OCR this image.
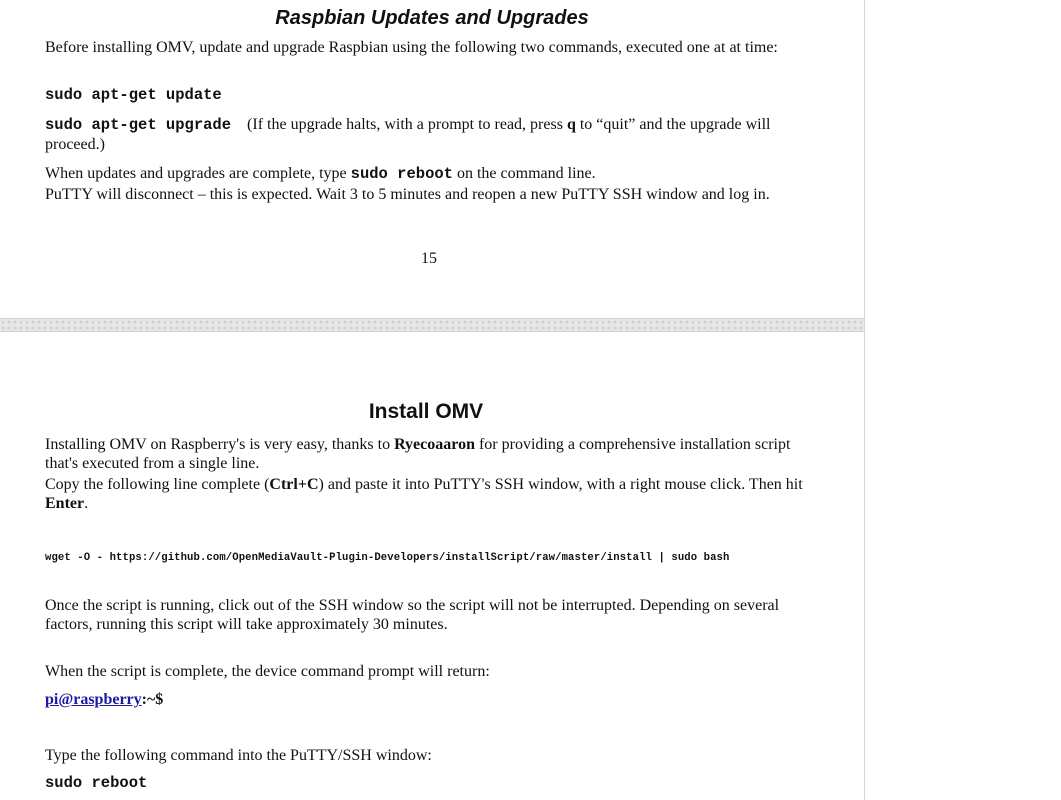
Raspbian Updates and Upgrades

Before installing OMV, update and upgrade Raspbian using the following two commands, executed one at at time:

sudo apt-get update

sudo apt-get upgrade (If the upgrade halts, with a prompt to read, press q to “quit” and the upgrade will proceed.)

When updates and upgrades are complete, type sudo reboot on the command line.

PuTTY will disconnect – this is expected. Wait 3 to 5 minutes and reopen a new PuTTY SSH window and log in.

15

Install OMV

Installing OMV on Raspberry's is very easy, thanks to Ryecoaaron for providing a comprehensive installation script that's executed from a single line.

Copy the following line complete (Ctrl+C) and paste it into PuTTY's SSH window, with a right mouse click. Then hit Enter.

wget -O - https://github.com/OpenMediaVault-Plugin-Developers/installScript/raw/master/install | sudo bash

Once the script is running, click out of the SSH window so the script will not be interrupted. Depending on several factors, running this script will take approximately 30 minutes.

When the script is complete, the device command prompt will return:

pi@raspberry:~$

Type the following command into the PuTTY/SSH window:

sudo reboot
